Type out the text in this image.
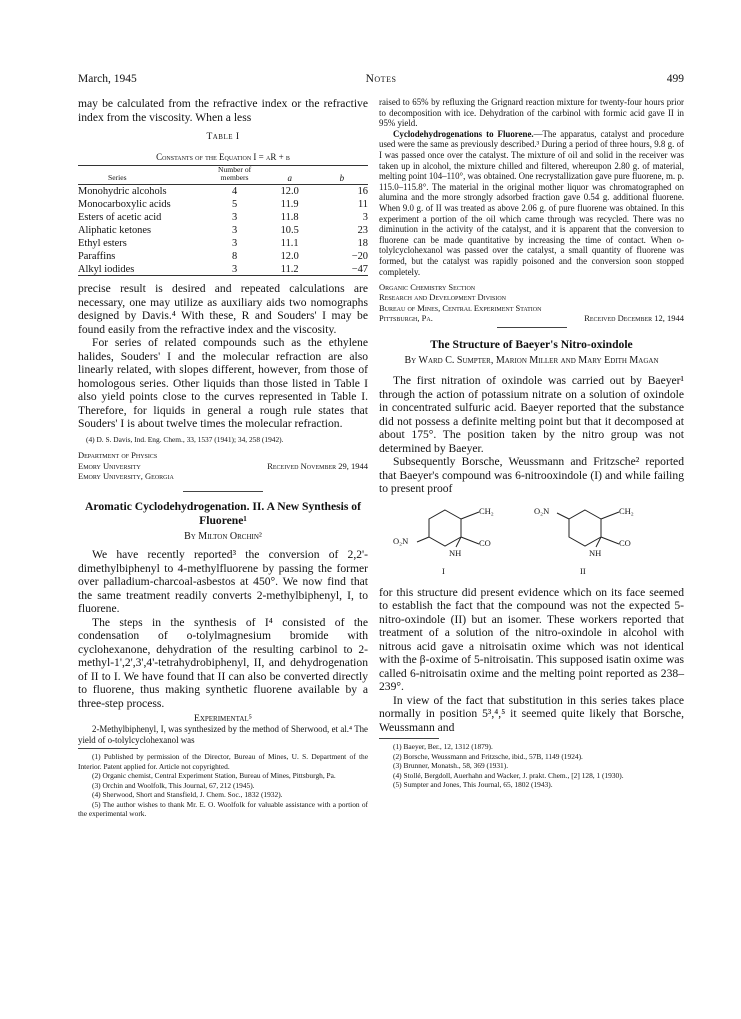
March, 1945	Notes	499

may be calculated from the refractive index or the refractive index from the viscosity. When a less

Table I
Constants of the Equation I = aR + b
Series	Number of members	a	b
Monohydric alcohols	4	12.0	16
Monocarboxylic acids	5	11.9	11
Esters of acetic acid	3	11.8	3
Aliphatic ketones	3	10.5	23
Ethyl esters	3	11.1	18
Paraffins	8	12.0	−20
Alkyl iodides	3	11.2	−47

precise result is desired and repeated calculations are necessary, one may utilize as auxiliary aids two nomographs designed by Davis.⁴ With these, R and Souders' I may be found easily from the refractive index and the viscosity.

For series of related compounds such as the ethylene halides, Souders' I and the molecular refraction are also linearly related, with slopes different, however, from those of homologous series. Other liquids than those listed in Table I also yield points close to the curves represented in Table I. Therefore, for liquids in general a rough rule states that Souders' I is about twelve times the molecular refraction.

(4) D. S. Davis, Ind. Eng. Chem., 33, 1537 (1941); 34, 258 (1942).

Department of Physics
Emory University	Received November 29, 1944
Emory University, Georgia
Aromatic Cyclodehydrogenation. II. A New Synthesis of Fluorene¹
By Milton Orchin²

We have recently reported³ the conversion of 2,2'-dimethylbiphenyl to 4-methylfluorene by passing the former over palladium-charcoal-asbestos at 450°. We now find that the same treatment readily converts 2-methylbiphenyl, I, to fluorene.

The steps in the synthesis of I⁴ consisted of the condensation of o-tolylmagnesium bromide with cyclohexanone, dehydration of the resulting carbinol to 2-methyl-1',2',3',4'-tetrahydrobiphenyl, II, and dehydrogenation of II to I. We have found that II can also be converted directly to fluorene, thus making synthetic fluorene available by a three-step process.

Experimental⁵

2-Methylbiphenyl, I, was synthesized by the method of Sherwood, et al.⁴ The yield of o-tolylcyclohexanol was

(1) Published by permission of the Director, Bureau of Mines, U. S. Department of the Interior. Patent applied for. Article not copyrighted.

(2) Organic chemist, Central Experiment Station, Bureau of Mines, Pittsburgh, Pa.

(3) Orchin and Woolfolk, This Journal, 67, 212 (1945).

(4) Sherwood, Short and Stansfield, J. Chem. Soc., 1832 (1932).

(5) The author wishes to thank Mr. E. O. Woolfolk for valuable assistance with a portion of the experimental work.

raised to 65% by refluxing the Grignard reaction mixture for twenty-four hours prior to decomposition with ice. Dehydration of the carbinol with formic acid gave II in 95% yield.

Cyclodehydrogenations to Fluorene.—The apparatus, catalyst and procedure used were the same as previously described.³ During a period of three hours, 9.8 g. of I was passed once over the catalyst. The mixture of oil and solid in the receiver was taken up in alcohol, the mixture chilled and filtered, whereupon 2.80 g. of material, melting point 104–110°, was obtained. One recrystallization gave pure fluorene, m. p. 115.0–115.8°. The material in the original mother liquor was chromatographed on alumina and the more strongly adsorbed fraction gave 0.54 g. additional fluorene. When 9.0 g. of II was treated as above 2.06 g. of pure fluorene was obtained. In this experiment a portion of the oil which came through was recycled. There was no diminution in the activity of the catalyst, and it is apparent that the conversion to fluorene can be made quantitative by increasing the time of contact. When o-tolylcyclohexanol was passed over the catalyst, a small quantity of fluorene was formed, but the catalyst was rapidly poisoned and the conversion soon stopped completely.

Organic Chemistry Section
Research and Development Division
Bureau of Mines, Central Experiment Station
Pittsburgh, Pa.	Received December 12, 1944
The Structure of Baeyer's Nitro-oxindole
By Ward C. Sumpter, Marion Miller and Mary Edith Magan

The first nitration of oxindole was carried out by Baeyer¹ through the action of potassium nitrate on a solution of oxindole in concentrated sulfuric acid. Baeyer reported that the substance did not possess a definite melting point but that it decomposed at about 175°. The position taken by the nitro group was not determined by Baeyer.

Subsequently Borsche, Weussmann and Fritzsche² reported that Baeyer's compound was 6-nitrooxindole (I) and while failing to present proof

CH₂
CO
O₂N
NH
I
CH₂
CO
O₂N
NH
II

for this structure did present evidence which on its face seemed to establish the fact that the compound was not the expected 5-nitro-oxindole (II) but an isomer. These workers reported that treatment of a solution of the nitro-oxindole in alcohol with nitrous acid gave a nitroisatin oxime which was not identical with the β-oxime of 5-nitroisatin. This supposed isatin oxime was called 6-nitroisatin oxime and the melting point reported as 238–239°.

In view of the fact that substitution in this series takes place normally in position 5³,⁴,⁵ it seemed quite likely that Borsche, Weussmann and

(1) Baeyer, Ber., 12, 1312 (1879).

(2) Borsche, Weussmann and Fritzsche, ibid., 57B, 1149 (1924).

(3) Brunner, Monatsh., 58, 369 (1931).

(4) Stollé, Bergdoll, Auerhahn and Wacker, J. prakt. Chem., [2] 128, 1 (1930).

(5) Sumpter and Jones, This Journal, 65, 1802 (1943).
